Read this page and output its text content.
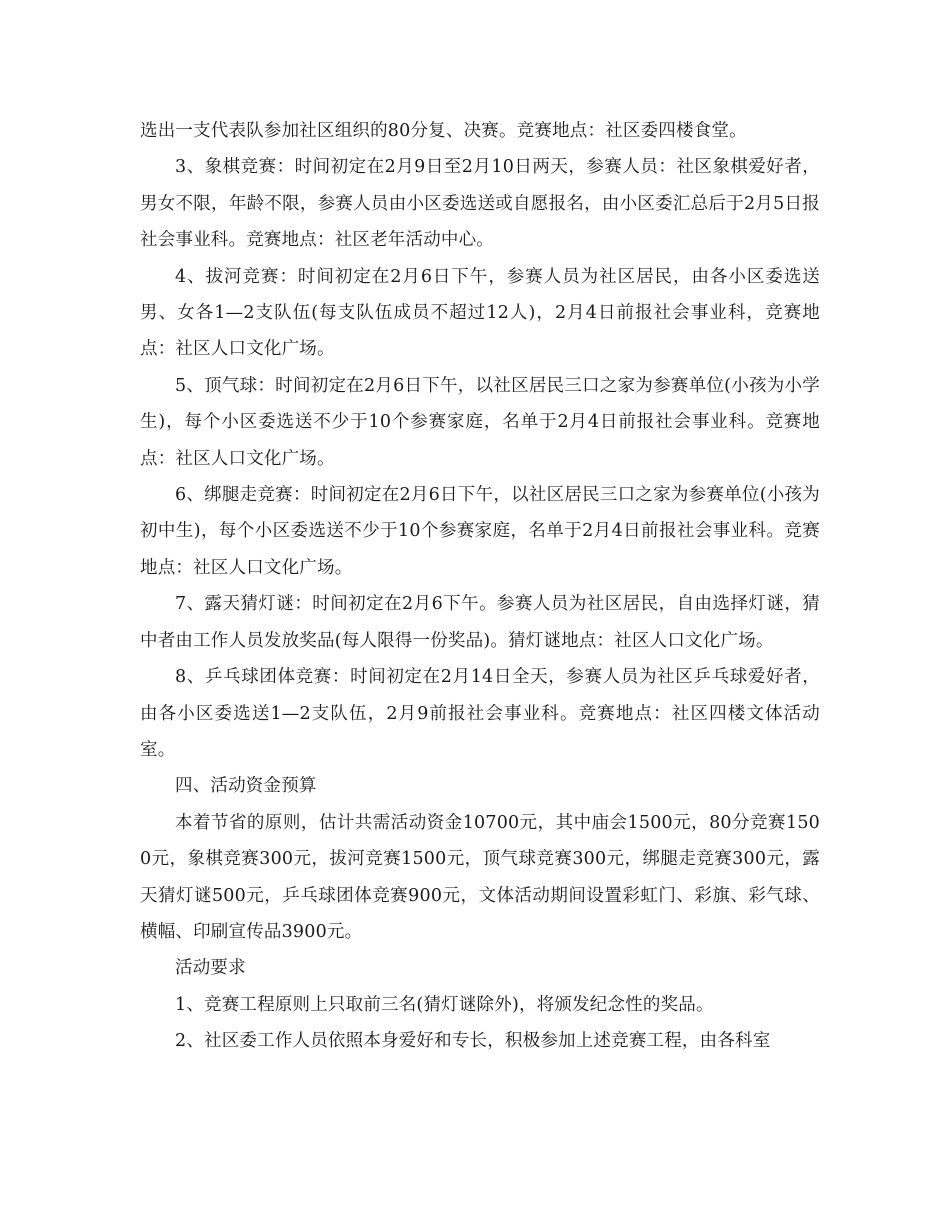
选出一支代表队参加社区组织的80分复、决赛。竞赛地点：社区委四楼食堂。

3、象棋竞赛：时间初定在2月9日至2月10日两天，参赛人员：社区象棋爱好者，男女不限，年龄不限，参赛人员由小区委选送或自愿报名，由小区委汇总后于2月5日报社会事业科。竞赛地点：社区老年活动中心。

4、拔河竞赛：时间初定在2月6日下午，参赛人员为社区居民，由各小区委选送男、女各1—2支队伍(每支队伍成员不超过12人)，2月4日前报社会事业科，竞赛地点：社区人口文化广场。

5、顶气球：时间初定在2月6日下午，以社区居民三口之家为参赛单位(小孩为小学生)，每个小区委选送不少于10个参赛家庭，名单于2月4日前报社会事业科。竞赛地点：社区人口文化广场。

6、绑腿走竞赛：时间初定在2月6日下午，以社区居民三口之家为参赛单位(小孩为初中生)，每个小区委选送不少于10个参赛家庭，名单于2月4日前报社会事业科。竞赛地点：社区人口文化广场。

7、露天猜灯谜：时间初定在2月6下午。参赛人员为社区居民，自由选择灯谜，猜中者由工作人员发放奖品(每人限得一份奖品)。猜灯谜地点：社区人口文化广场。

8、乒乓球团体竞赛：时间初定在2月14日全天，参赛人员为社区乒乓球爱好者，由各小区委选送1—2支队伍，2月9前报社会事业科。竞赛地点：社区四楼文体活动室。

四、活动资金预算

本着节省的原则，估计共需活动资金10700元，其中庙会1500元，80分竞赛1500元，象棋竞赛300元，拔河竞赛1500元，顶气球竞赛300元，绑腿走竞赛300元，露天猜灯谜500元，乒乓球团体竞赛900元，文体活动期间设置彩虹门、彩旗、彩气球、横幅、印刷宣传品3900元。

活动要求

1、竞赛工程原则上只取前三名(猜灯谜除外)，将颁发纪念性的奖品。

2、社区委工作人员依照本身爱好和专长，积极参加上述竞赛工程，由各科室
